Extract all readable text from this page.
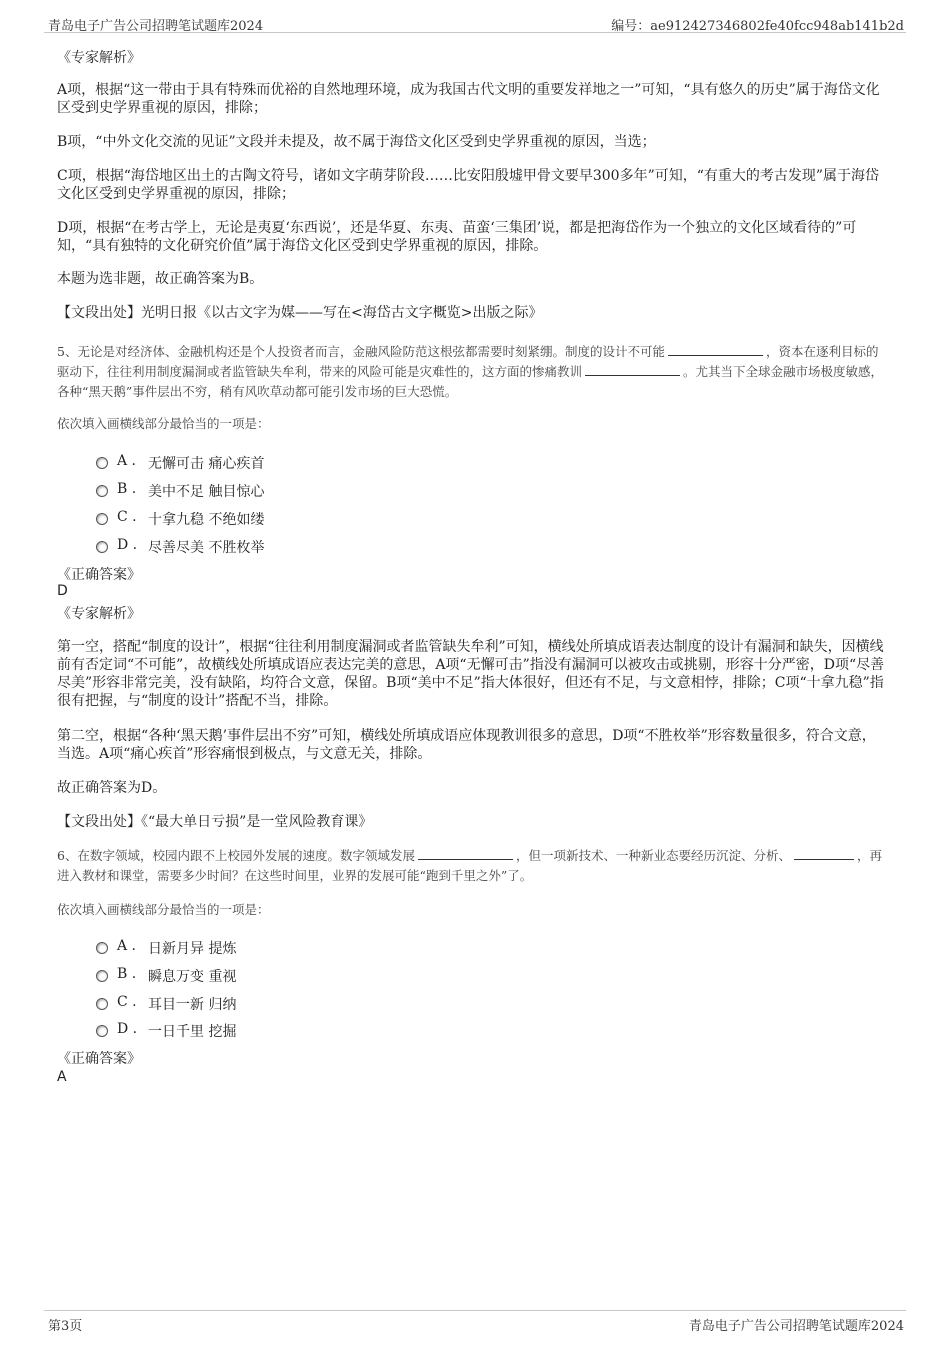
青岛电子广告公司招聘笔试题库2024	编号：ae912427346802fe40fcc948ab141b2d

《专家解析》

A项，根据“这一带由于具有特殊而优裕的自然地理环境，成为我国古代文明的重要发祥地之一”可知，“具有悠久的历史”属于海岱文化区受到史学界重视的原因，排除；

B项，“中外文化交流的见证”文段并未提及，故不属于海岱文化区受到史学界重视的原因，当选；

C项，根据“海岱地区出土的古陶文符号，诸如文字萌芽阶段……比安阳殷墟甲骨文要早300多年”可知，“有重大的考古发现”属于海岱文化区受到史学界重视的原因，排除；

D项，根据“在考古学上，无论是夷夏‘东西说’，还是华夏、东夷、苗蛮‘三集团’说，都是把海岱作为一个独立的文化区域看待的”可知，“具有独特的文化研究价值”属于海岱文化区受到史学界重视的原因，排除。

本题为选非题，故正确答案为B。

【文段出处】光明日报《以古文字为媒——写在<海岱古文字概览>出版之际》

5、无论是对经济体、金融机构还是个人投资者而言，金融风险防范这根弦都需要时刻紧绷。制度的设计不可能	，资本在逐利目标的驱动下，往往利用制度漏洞或者监管缺失牟利，带来的风险可能是灾难性的，这方面的惨痛教训	。尤其当下全球金融市场极度敏感，各种“黑天鹅”事件层出不穷，稍有风吹草动都可能引发市场的巨大恐慌。

依次填入画横线部分最恰当的一项是：

A . 无懈可击 痛心疾首
B . 美中不足 触目惊心
C . 十拿九稳 不绝如缕
D . 尽善尽美 不胜枚举

《正确答案》

D

《专家解析》

第一空，搭配“制度的设计”，根据“往往利用制度漏洞或者监管缺失牟利”可知，横线处所填成语表达制度的设计有漏洞和缺失，因横线前有否定词“不可能”，故横线处所填成语应表达完美的意思，A项“无懈可击”指没有漏洞可以被攻击或挑剔，形容十分严密，D项“尽善尽美”形容非常完美，没有缺陷，均符合文意，保留。B项“美中不足”指大体很好，但还有不足，与文意相悖，排除；C项“十拿九稳”指很有把握，与“制度的设计”搭配不当，排除。

第二空，根据“各种‘黑天鹅’事件层出不穷”可知，横线处所填成语应体现教训很多的意思，D项“不胜枚举”形容数量很多，符合文意，当选。A项“痛心疾首”形容痛恨到极点，与文意无关，排除。

故正确答案为D。

【文段出处】《“最大单日亏损”是一堂风险教育课》

6、在数字领域，校园内跟不上校园外发展的速度。数字领域发展	，但一项新技术、一种新业态要经历沉淀、分析、	，再进入教材和课堂，需要多少时间？在这些时间里，业界的发展可能“跑到千里之外”了。

依次填入画横线部分最恰当的一项是：

A . 日新月异 提炼
B . 瞬息万变 重视
C . 耳目一新 归纳
D . 一日千里 挖掘

《正确答案》

A
第3页	青岛电子广告公司招聘笔试题库2024
